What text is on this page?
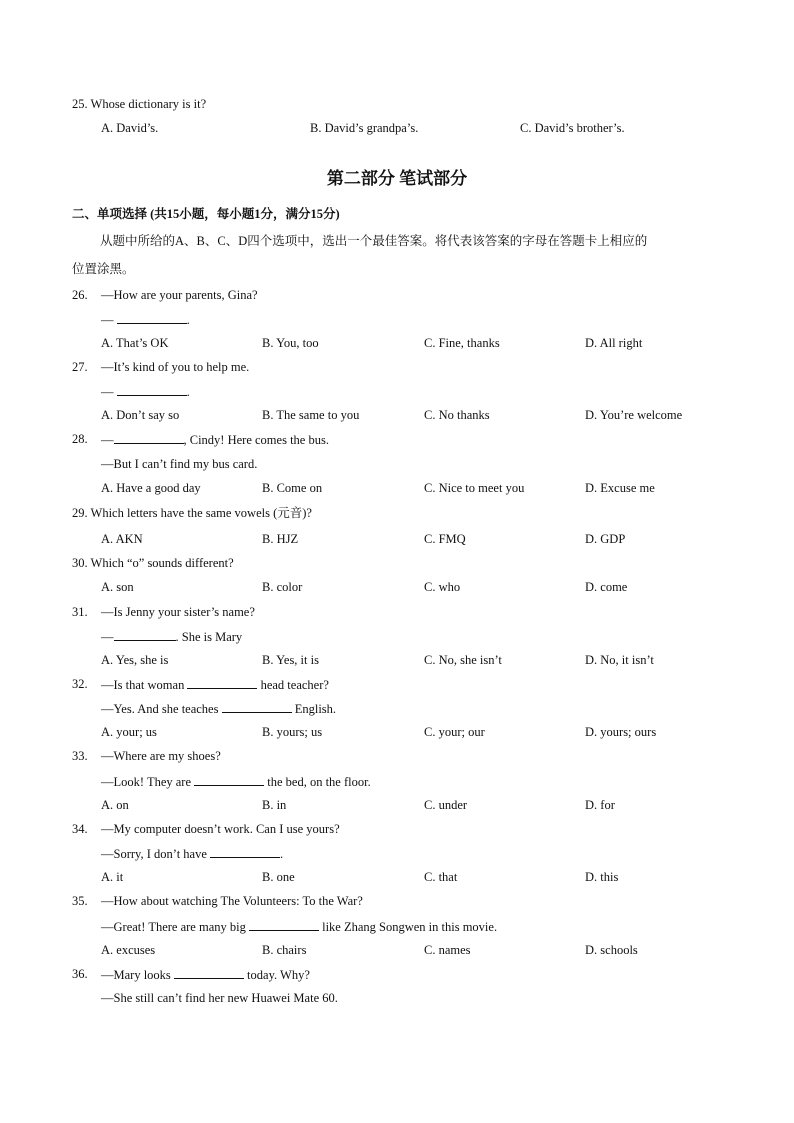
25. Whose dictionary is it?
A. David’s.	B. David’s grandpa’s.	C. David’s brother’s.
第二部分 笔试部分
二、单项选择 (共15小题，每小题1分，满分15分)
从题中所给的A、B、C、D四个选项中，选出一个最佳答案。将代表该答案的字母在答题卡上相应的
位置涂黑。
26. —How are your parents, Gina?
—	.
A. That’s OK	B. You, too	C. Fine, thanks	D. All right
27. —It’s kind of you to help me.
—	.
A. Don’t say so	B. The same to you	C. No thanks	D. You’re welcome
28. —	, Cindy! Here comes the bus.
—But I can’t find my bus card.
A. Have a good day	B. Come on	C. Nice to meet you	D. Excuse me
29. Which letters have the same vowels (元音)?
A. AKN	B. HJZ	C. FMQ	D. GDP
30. Which “o” sounds different?
A. son	B. color	C. who	D. come
31. —Is Jenny your sister’s name?
—	. She is Mary
A. Yes, she is	B. Yes, it is	C. No, she isn’t	D. No, it isn’t
32. —Is that woman	head teacher?
—Yes. And she teaches	English.
A. your; us	B. yours; us	C. your; our	D. yours; ours
33. —Where are my shoes?
—Look! They are	the bed, on the floor.
A. on	B. in	C. under	D. for
34. —My computer doesn’t work. Can I use yours?
—Sorry, I don’t have	.
A. it	B. one	C. that	D. this
35. —How about watching The Volunteers: To the War?
—Great! There are many big	like Zhang Songwen in this movie.
A. excuses	B. chairs	C. names	D. schools
36. —Mary looks	today. Why?
—She still can’t find her new Huawei Mate 60.
